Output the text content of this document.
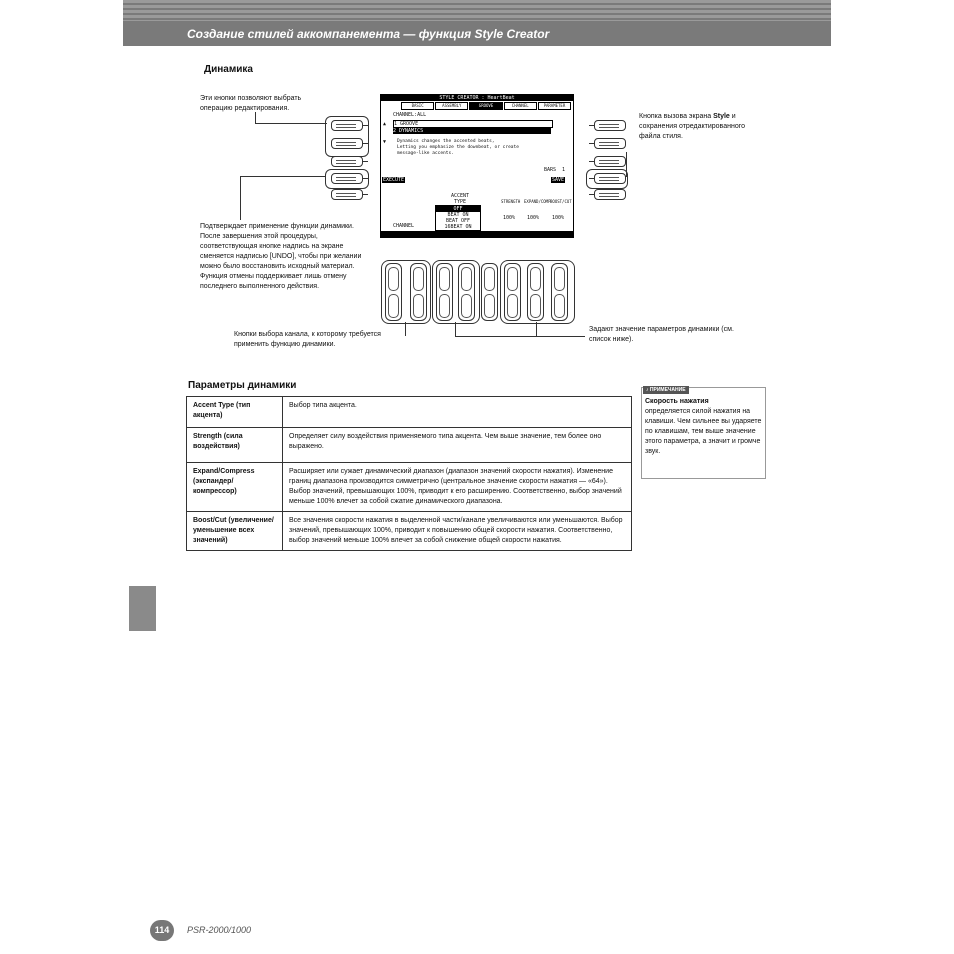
Создание стилей аккомпанемента — функция Style Creator
Динамика
Эти кнопки позволяют выбрать операцию редактирования.
Подтверждает применение функции динамики. После завершения этой процедуры, соответствующая кнопке надпись на экране сменяется надписью [UNDO], чтобы при желании можно было восстановить исходный материал. Функция отмены поддерживает лишь отмену последнего выполненного действия.
Кнопка вызова экрана Style и сохранения отредактированного файла стиля.
STYLE CREATOR : HeartBeat
BASIC	ASSEMBLY	GROOVE	CHANNEL	PARAMETER
CHANNEL:ALL
▲
▼
1 GROOVE
2 DYNAMICS
Dynamics changes the accented beats,
Letting you emphasize the downbeat, or create
message-like accents.
BARS  1
SAVE
EXECUTE
ACCENT
TYPE
OFF
BEAT ON
BEAT OFF
16BEAT ON
STRENGTH EXPAND/COMP BOOST/CUT
100% 100%	100%
CHANNEL
Кнопки выбора канала, к которому требуется применить функцию динамики.
Задают значение параметров динамики (см. список ниже).
Параметры динамики
Accent Type (тип акцента)	Выбор типа акцента.
Strength (сила воздействия)	Определяет силу воздействия применяемого типа акцента. Чем выше значение, тем более оно выражено.
Expand/Compress (экспандер/ компрессор)	Расширяет или сужает динамический диапазон (диапазон значений скорости нажатия). Изменение границ диапазона производится симметрично (центральное значение скорости нажатия — «64»). Выбор значений, превышающих 100%, приводит к его расширению. Соответственно, выбор значений меньше 100% влечет за собой сжатие динамического диапазона.
Boost/Cut (увеличение/ уменьшение всех значений)	Все значения скорости нажатия в выделенной части/канале увеличиваются или уменьшаются. Выбор значений, превышающих 100%, приводит к повышению общей скорости нажатия. Соответственно, выбор значений меньше 100% влечет за собой снижение общей скорости нажатия.
♪ ПРИМЕЧАНИЕ
Скорость нажатия
определяется силой нажатия на клавиши. Чем сильнее вы ударяете по клавишам, тем выше значение этого параметра, а значит и громче звук.
114	PSR-2000/1000
